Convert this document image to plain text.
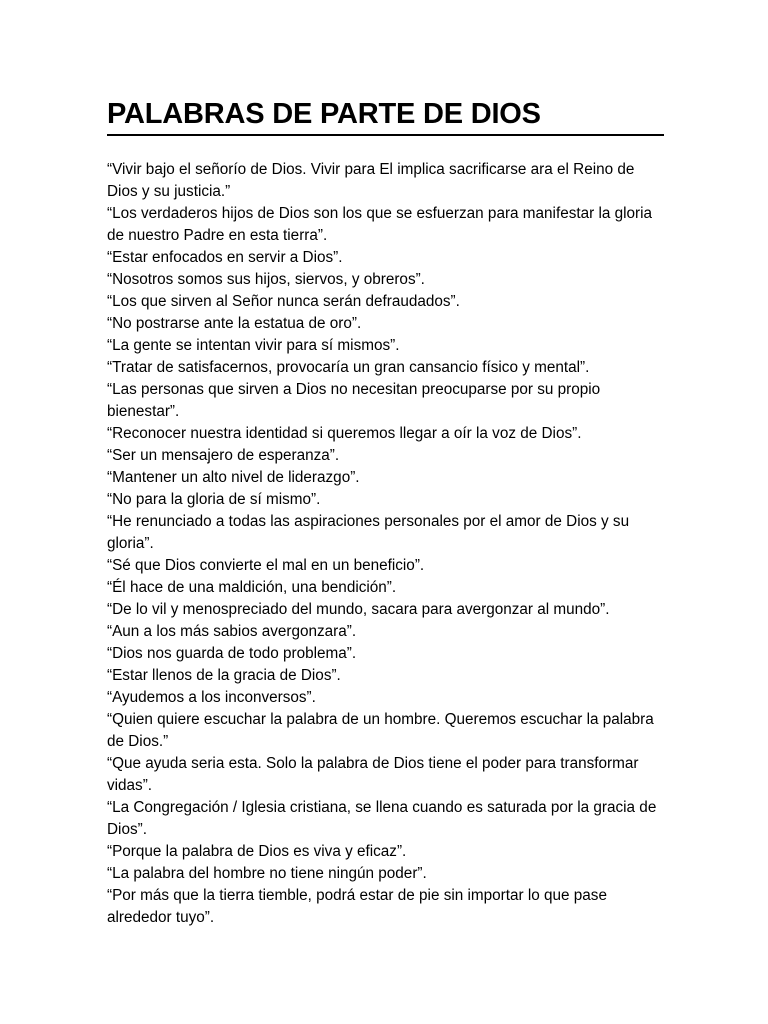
PALABRAS DE PARTE DE DIOS

“Vivir bajo el señorío de Dios. Vivir para El implica sacrificarse ara el Reino de Dios y su justicia.”

“Los verdaderos hijos de Dios son los que se esfuerzan para manifestar la gloria de nuestro Padre en esta tierra”.

“Estar enfocados en servir a Dios”.

“Nosotros somos sus hijos, siervos, y obreros”.

“Los que sirven al Señor nunca serán defraudados”.

“No postrarse ante la estatua de oro”.

“La gente se intentan vivir para sí mismos”.

“Tratar de satisfacernos, provocaría un gran cansancio físico y mental”.

“Las personas que sirven a Dios no necesitan preocuparse por su propio bienestar”.

“Reconocer nuestra identidad si queremos llegar a oír la voz de Dios”.

“Ser un mensajero de esperanza”.

“Mantener un alto nivel de liderazgo”.

“No para la gloria de sí mismo”.

“He renunciado a todas las aspiraciones personales por el amor de Dios y su gloria”.

“Sé que Dios convierte el mal en un beneficio”.

“Él hace de una maldición, una bendición”.

“De lo vil y menospreciado del mundo, sacara para avergonzar al mundo”.

“Aun a los más sabios avergonzara”.

“Dios nos guarda de todo problema”.

“Estar llenos de la gracia de Dios”.

“Ayudemos a los inconversos”.

“Quien quiere escuchar la palabra de un hombre. Queremos escuchar la palabra de Dios.”

“Que ayuda seria esta. Solo la palabra de Dios tiene el poder para transformar vidas”.

“La Congregación / Iglesia cristiana, se llena cuando es saturada por la gracia de Dios”.

“Porque la palabra de Dios es viva y eficaz”.

“La palabra del hombre no tiene ningún poder”.

“Por más que la tierra tiemble, podrá estar de pie sin importar lo que pase alrededor tuyo”.
